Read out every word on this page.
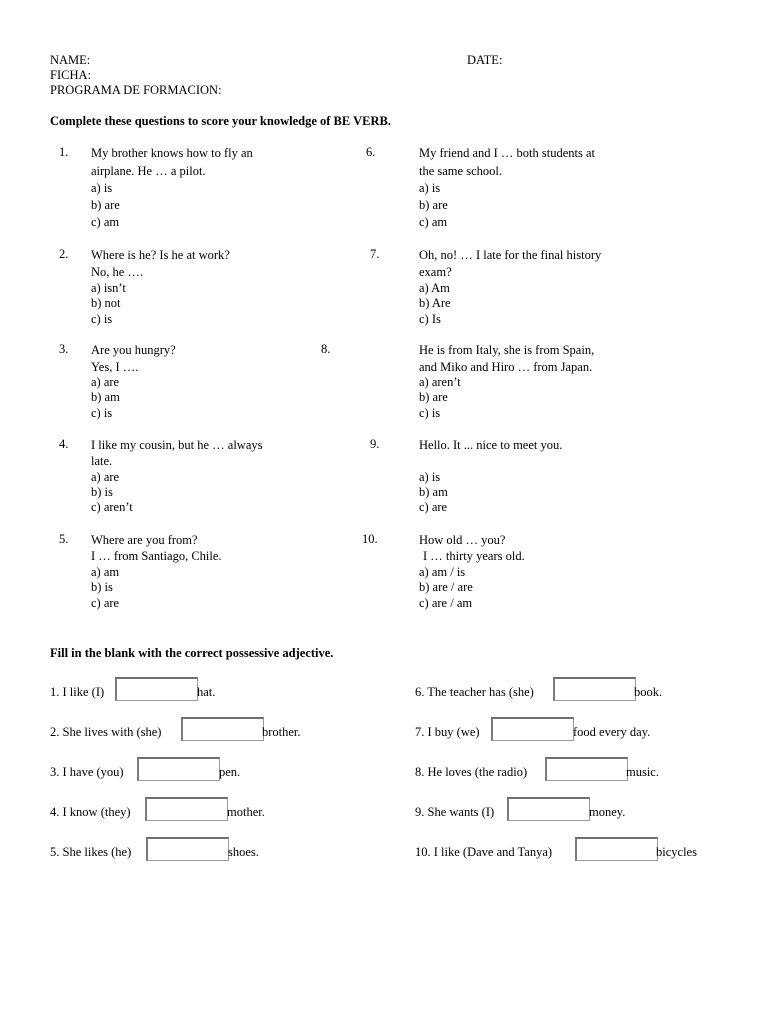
NAME:	DATE:
FICHA:
PROGRAMA DE FORMACION:
Complete these questions to score your knowledge of BE VERB.
1. My brother knows how to fly an
airplane. He … a pilot.
a) is
b) are
c) am
2. Where is he? Is he at work?
No, he ….
a) isn’t
b) not
c) is
3. Are you hungry?
Yes, I ….
a) are
b) am
c) is
4. I like my cousin, but he … always
late.
a) are
b) is
c) aren’t
5. Where are you from?
I … from Santiago, Chile.
a) am
b) is
c) are
6.	My friend and I … both students at
the same school.
a) is
b) are
c) am
7.	Oh, no! … I late for the final history
exam?
a) Am
b) Are
c) Is
8.	He is from Italy, she is from Spain,
and Miko and Hiro … from Japan.
a) aren’t
b) are
c) is
9.	Hello. It ... nice to meet you.
a) is
b) am
c) are
10.	How old … you?
I … thirty years old.
a) am / is
b) are / are
c) are / am
Fill in the blank with the correct possessive adjective.
1. I like (I)	hat.
2. She lives with (she)	brother.
3. I have (you)	pen.
4. I know (they)	mother.
5. She likes (he)	shoes.
6. The teacher has (she)	book.
7. I buy (we)	food every day.
8. He loves (the radio)	music.
9. She wants (I)	money.
10. I like (Dave and Tanya)	bicycles
